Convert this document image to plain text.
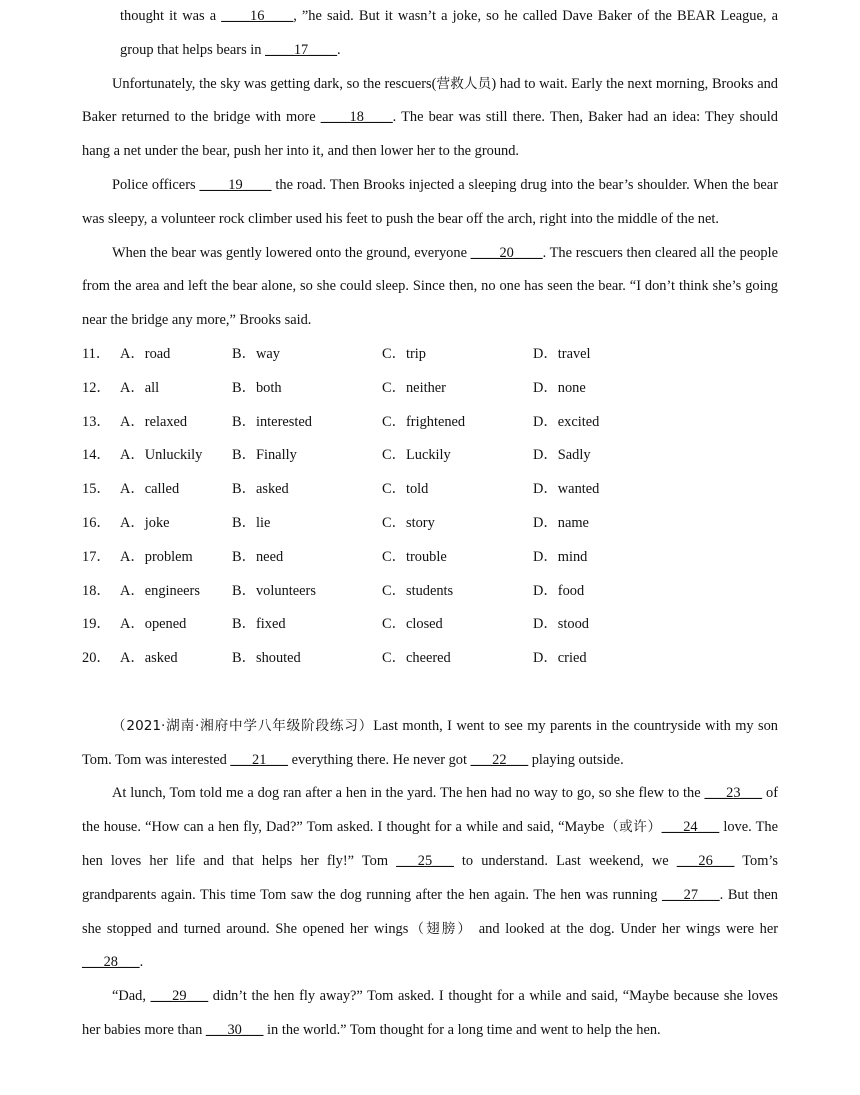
thought it was a ____16____, ”he said. But it wasn’t a joke, so he called Dave Baker of the BEAR League, a group that helps bears in ____17____.

Unfortunately, the sky was getting dark, so the rescuers(营救人员) had to wait. Early the next morning, Brooks and Baker returned to the bridge with more ____18____. The bear was still there. Then, Baker had an idea: They should hang a net under the bear, push her into it, and then lower her to the ground.

Police officers ____19____ the road. Then Brooks injected a sleeping drug into the bear’s shoulder. When the bear was sleepy, a volunteer rock climber used his feet to push the bear off the arch, right into the middle of the net.

When the bear was gently lowered onto the ground, everyone ____20____. The rescuers then cleared all the people from the area and left the bear alone, so she could sleep. Since then, no one has seen the bear. “I don’t think she’s going near the bridge any more,” Brooks said.

11． A．road	B．way	C．trip	D．travel
12． A．all	B．both	C．neither	D．none
13． A．relaxed	B．interested	C．frightened	D．excited
14． A．Unluckily B．Finally	C．Luckily	D．Sadly
15． A．called	B．asked	C．told	D．wanted
16． A．joke	B．lie	C．story	D．name
17． A．problem	B．need	C．trouble	D．mind
18． A．engineers B．volunteers	C．students	D．food
19． A．opened	B．fixed	C．closed	D．stood
20． A．asked	B．shouted	C．cheered	D．cried

（2021·湖南·湘府中学八年级阶段练习）Last month, I went to see my parents in the countryside with my son Tom. Tom was interested ___21___ everything there. He never got ___22___ playing outside.

At lunch, Tom told me a dog ran after a hen in the yard. The hen had no way to go, so she flew to the ___23___ of the house. “How can a hen fly, Dad?” Tom asked. I thought for a while and said, “Maybe（或许）___24___ love. The hen loves her life and that helps her fly!” Tom ___25___ to understand. Last weekend, we ___26___ Tom’s grandparents again. This time Tom saw the dog running after the hen again. The hen was running ___27___. But then she stopped and turned around. She opened her wings（翅膀） and looked at the dog. Under her wings were her ___28___.

“Dad, ___29___ didn’t the hen fly away?” Tom asked. I thought for a while and said, “Maybe because she loves her babies more than ___30___ in the world.” Tom thought for a long time and went to help the hen.
